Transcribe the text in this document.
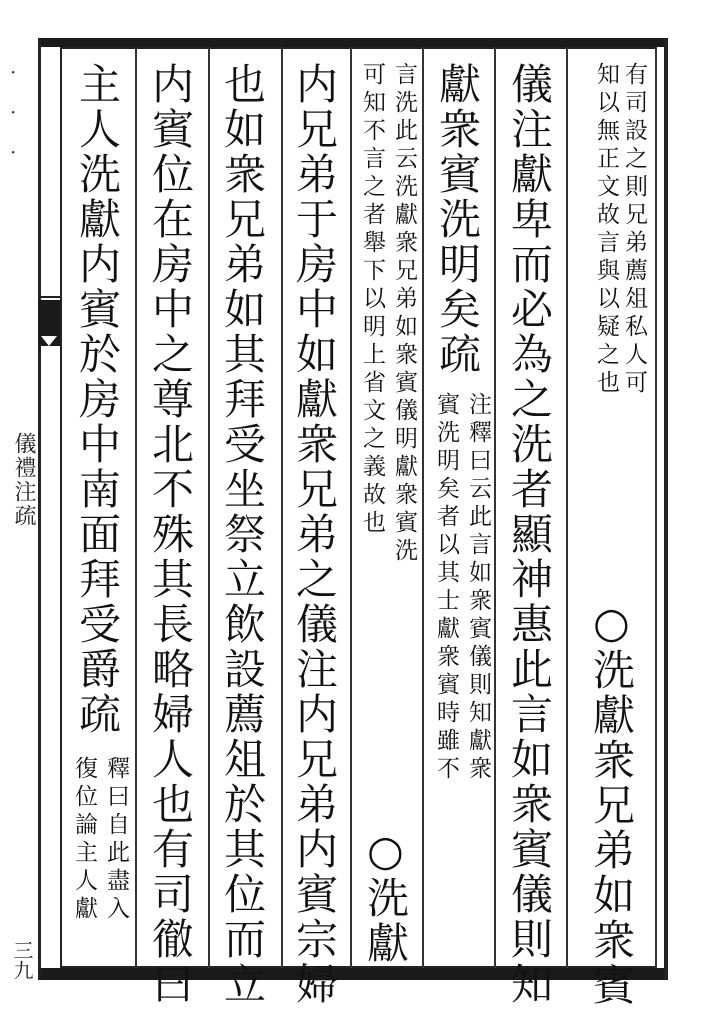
·
·
·
儀禮注疏
三九
有司設之則兄弟薦俎私人可
知以無正文故言與以疑之也
○
洗獻衆兄弟如衆賓
儀注獻卑而必為之洗者顯神惠此言如衆賓儀則知
獻衆賓洗明矣疏
注釋曰云此言如衆賓儀則知獻衆
賓洗明矣者以其士獻衆賓時雖不
言洗此云洗獻衆兄弟如衆賓儀明獻衆賓洗
可知不言之者舉下以明上省文之義故也
○
洗獻
内兄弟于房中如獻衆兄弟之儀注内兄弟内賓宗婦
也如衆兄弟如其拜受坐祭立飲設薦俎於其位而立
内賓位在房中之尊北不殊其長略婦人也有司徹曰
主人洗獻内賓於房中南面拜受爵疏
釋曰自此盡入
復位論主人獻
